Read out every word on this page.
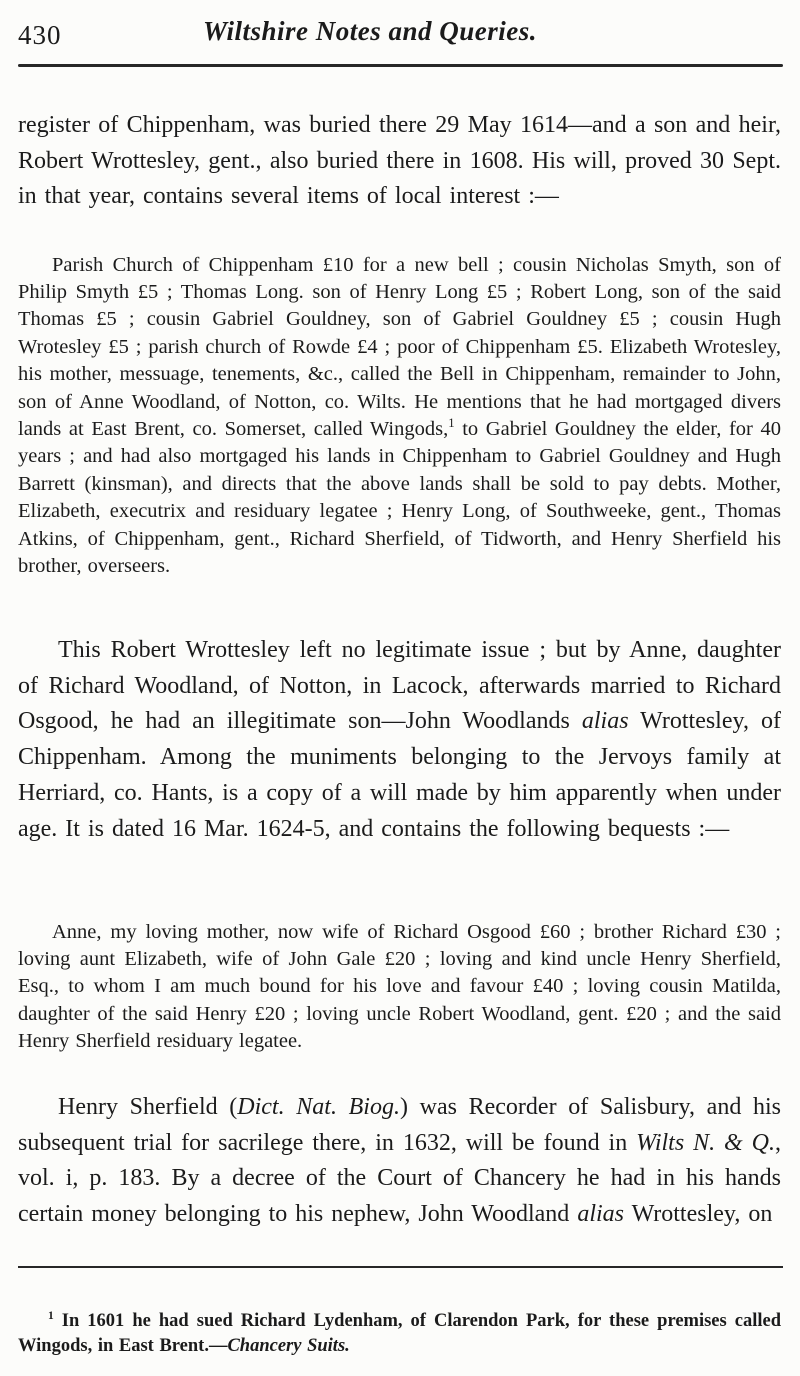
430	Wiltshire Notes and Queries.

register of Chippenham, was buried there 29 May 1614—and a son and heir, Robert Wrottesley, gent., also buried there in 1608. His will, proved 30 Sept. in that year, contains several items of local interest :—

Parish Church of Chippenham £10 for a new bell ; cousin Nicholas Smyth, son of Philip Smyth £5 ; Thomas Long. son of Henry Long £5 ; Robert Long, son of the said Thomas £5 ; cousin Gabriel Gouldney, son of Gabriel Gouldney £5 ; cousin Hugh Wrotesley £5 ; parish church of Rowde £4 ; poor of Chippenham £5. Elizabeth Wrotesley, his mother, messuage, tenements, &c., called the Bell in Chippenham, remainder to John, son of Anne Woodland, of Notton, co. Wilts. He mentions that he had mortgaged divers lands at East Brent, co. Somerset, called Wingods,$^1$ to Gabriel Gouldney the elder, for 40 years ; and had also mortgaged his lands in Chippenham to Gabriel Gouldney and Hugh Barrett (kinsman), and directs that the above lands shall be sold to pay debts. Mother, Elizabeth, executrix and residuary legatee ; Henry Long, of Southweeke, gent., Thomas Atkins, of Chippenham, gent., Richard Sherfield, of Tidworth, and Henry Sherfield his brother, overseers.

This Robert Wrottesley left no legitimate issue ; but by Anne, daughter of Richard Woodland, of Notton, in Lacock, afterwards married to Richard Osgood, he had an illegitimate son—John Woodlands alias Wrottesley, of Chippenham. Among the muniments belonging to the Jervoys family at Herriard, co. Hants, is a copy of a will made by him apparently when under age. It is dated 16 Mar. 1624-5, and contains the following bequests :—

Anne, my loving mother, now wife of Richard Osgood £60 ; brother Richard £30 ; loving aunt Elizabeth, wife of John Gale £20 ; loving and kind uncle Henry Sherfield, Esq., to whom I am much bound for his love and favour £40 ; loving cousin Matilda, daughter of the said Henry £20 ; loving uncle Robert Woodland, gent. £20 ; and the said Henry Sherfield residuary legatee.

Henry Sherfield (Dict. Nat. Biog.) was Recorder of Salisbury, and his subsequent trial for sacrilege there, in 1632, will be found in Wilts N. & Q., vol. i, p. 183. By a decree of the Court of Chancery he had in his hands certain money belonging to his nephew, John Woodland alias Wrottesley, on

$^1$ In 1601 he had sued Richard Lydenham, of Clarendon Park, for these premises called Wingods, in East Brent.—Chancery Suits.
